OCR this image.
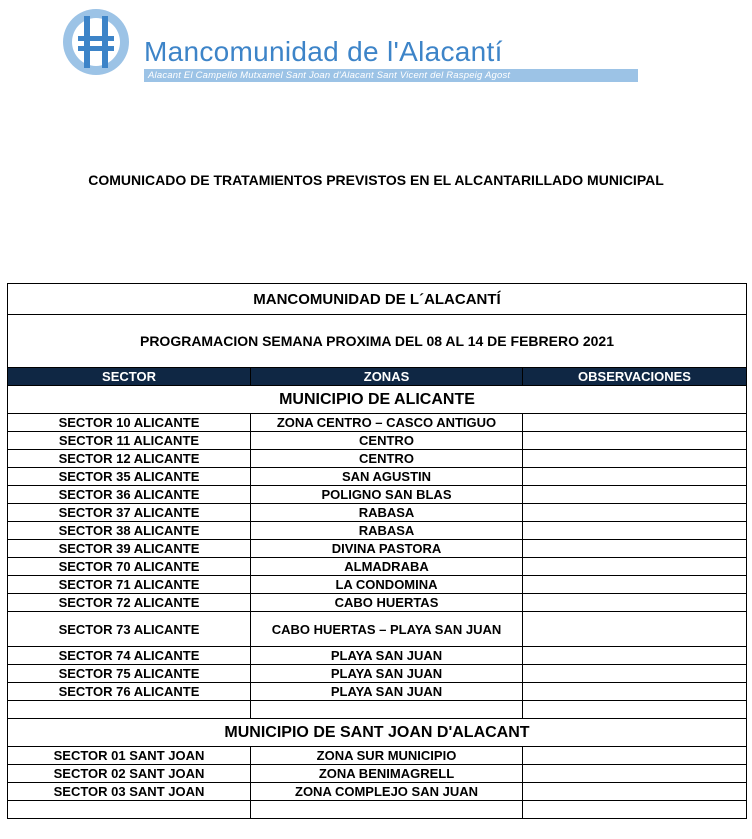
Mancomunidad de l'Alacantí
Alacant El Campello Mutxamel Sant Joan d'Alacant Sant Vicent del Raspeig Agost
COMUNICADO DE TRATAMIENTOS PREVISTOS EN EL ALCANTARILLADO MUNICIPAL
MANCOMUNIDAD DE L´ALACANTÍ		
PROGRAMACION SEMANA PROXIMA DEL 08 AL 14 DE FEBRERO 2021		
SECTOR	ZONAS	OBSERVACIONES
MUNICIPIO DE ALICANTE		
SECTOR 10 ALICANTE	ZONA CENTRO – CASCO ANTIGUO	
SECTOR 11 ALICANTE	CENTRO	
SECTOR 12 ALICANTE	CENTRO	
SECTOR 35 ALICANTE	SAN AGUSTIN	
SECTOR 36 ALICANTE	POLIGNO SAN BLAS	
SECTOR 37 ALICANTE	RABASA	
SECTOR 38 ALICANTE	RABASA	
SECTOR 39 ALICANTE	DIVINA PASTORA	
SECTOR 70 ALICANTE	ALMADRABA	
SECTOR 71 ALICANTE	LA CONDOMINA	
SECTOR 72 ALICANTE	CABO HUERTAS	
SECTOR 73 ALICANTE	CABO HUERTAS – PLAYA SAN JUAN	
SECTOR 74 ALICANTE	PLAYA SAN JUAN	
SECTOR 75 ALICANTE	PLAYA SAN JUAN	
SECTOR 76 ALICANTE	PLAYA SAN JUAN	

MUNICIPIO DE SANT JOAN D'ALACANT		
SECTOR 01 SANT JOAN	ZONA SUR MUNICIPIO	
SECTOR 02 SANT JOAN	ZONA BENIMAGRELL	
SECTOR 03 SANT JOAN	ZONA COMPLEJO SAN JUAN	
